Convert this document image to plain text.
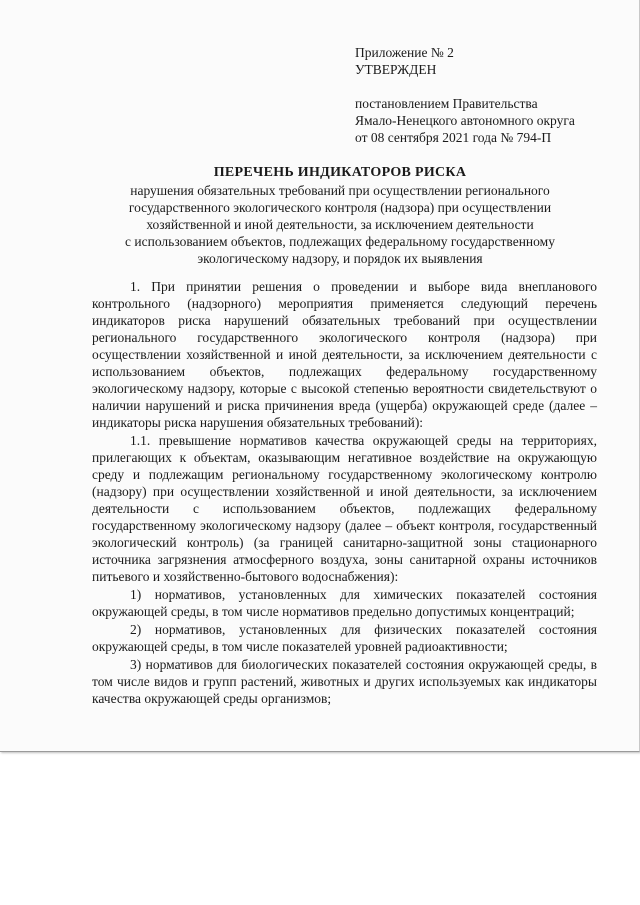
Приложение № 2
УТВЕРЖДЕН
постановлением Правительства
Ямало-Ненецкого автономного округа
от 08 сентября 2021 года № 794-П
ПЕРЕЧЕНЬ ИНДИКАТОРОВ РИСКА
нарушения обязательных требований при осуществлении регионального
государственного экологического контроля (надзора) при осуществлении
хозяйственной и иной деятельности, за исключением деятельности
с использованием объектов, подлежащих федеральному государственному
экологическому надзору, и порядок их выявления

1. При принятии решения о проведении и выборе вида внепланового контрольного (надзорного) мероприятия применяется следующий перечень индикаторов риска нарушений обязательных требований при осуществлении регионального государственного экологического контроля (надзора) при осуществлении хозяйственной и иной деятельности, за исключением деятельности с использованием объектов, подлежащих федеральному государственному экологическому надзору, которые с высокой степенью вероятности свидетельствуют о наличии нарушений и риска причинения вреда (ущерба) окружающей среде (далее – индикаторы риска нарушения обязательных требований):

1.1. превышение нормативов качества окружающей среды на территориях, прилегающих к объектам, оказывающим негативное воздействие на окружающую среду и подлежащим региональному государственному экологическому контролю (надзору) при осуществлении хозяйственной и иной деятельности, за исключением деятельности с использованием объектов, подлежащих федеральному государственному экологическому надзору (далее – объект контроля, государственный экологический контроль) (за границей санитарно-защитной зоны стационарного источника загрязнения атмосферного воздуха, зоны санитарной охраны источников питьевого и хозяйственно-бытового водоснабжения):

1) нормативов, установленных для химических показателей состояния окружающей среды, в том числе нормативов предельно допустимых концентраций;

2) нормативов, установленных для физических показателей состояния окружающей среды, в том числе показателей уровней радиоактивности;

3) нормативов для биологических показателей состояния окружающей среды, в том числе видов и групп растений, животных и других используемых как индикаторы качества окружающей среды организмов;
